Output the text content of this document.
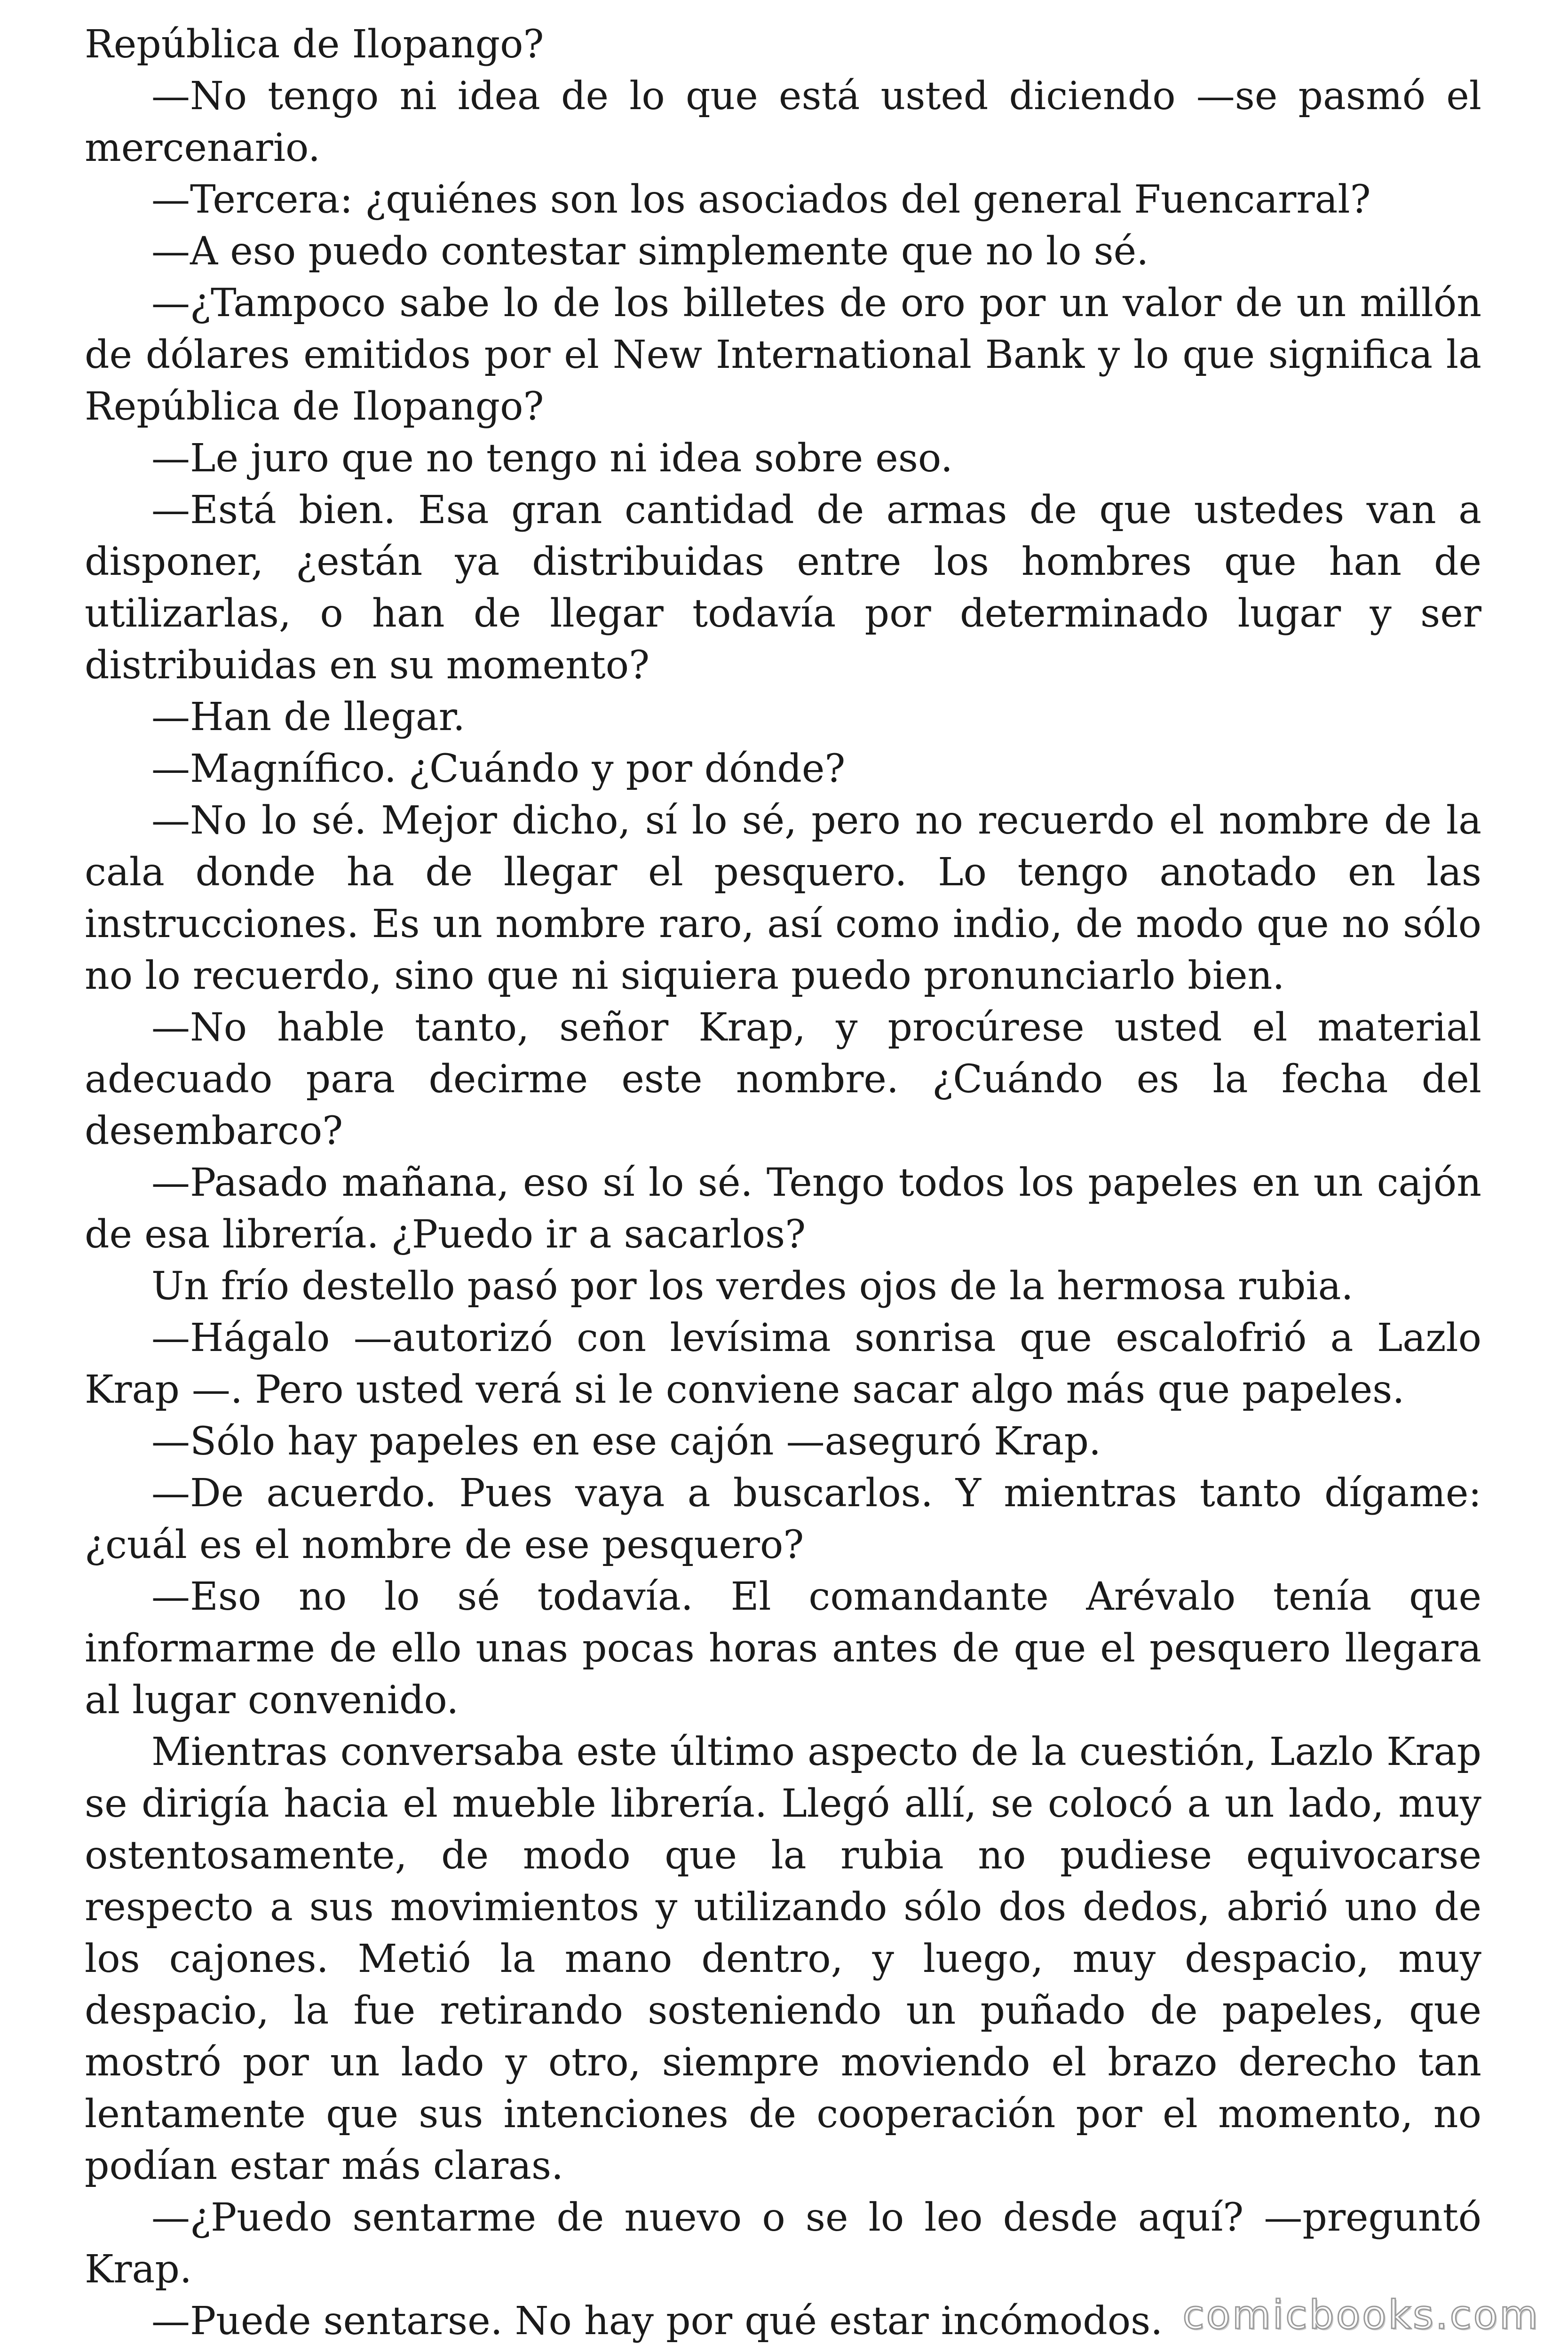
República de Ilopango?

—No tengo ni idea de lo que está usted diciendo —se pasmó el mercenario.

—Tercera: ¿quiénes son los asociados del general Fuencarral?

—A eso puedo contestar simplemente que no lo sé.

—¿Tampoco sabe lo de los billetes de oro por un valor de un millón de dólares emitidos por el New International Bank y lo que significa la República de Ilopango?

—Le juro que no tengo ni idea sobre eso.

—Está bien. Esa gran cantidad de armas de que ustedes van a disponer, ¿están ya distribuidas entre los hombres que han de utilizarlas, o han de llegar todavía por determinado lugar y ser distribuidas en su momento?

—Han de llegar.

—Magnífico. ¿Cuándo y por dónde?

—No lo sé. Mejor dicho, sí lo sé, pero no recuerdo el nombre de la cala donde ha de llegar el pesquero. Lo tengo anotado en las instrucciones. Es un nombre raro, así como indio, de modo que no sólo no lo recuerdo, sino que ni siquiera puedo pronunciarlo bien.

—No hable tanto, señor Krap, y procúrese usted el material adecuado para decirme este nombre. ¿Cuándo es la fecha del desembarco?

—Pasado mañana, eso sí lo sé. Tengo todos los papeles en un cajón de esa librería. ¿Puedo ir a sacarlos?

Un frío destello pasó por los verdes ojos de la hermosa rubia.

—Hágalo —autorizó con levísima sonrisa que escalofrió a Lazlo Krap —. Pero usted verá si le conviene sacar algo más que papeles.

—Sólo hay papeles en ese cajón —aseguró Krap.

—De acuerdo. Pues vaya a buscarlos. Y mientras tanto dígame: ¿cuál es el nombre de ese pesquero?

—Eso no lo sé todavía. El comandante Arévalo tenía que informarme de ello unas pocas horas antes de que el pesquero llegara al lugar convenido.

Mientras conversaba este último aspecto de la cuestión, Lazlo Krap se dirigía hacia el mueble librería. Llegó allí, se colocó a un lado, muy ostentosamente, de modo que la rubia no pudiese equivocarse respecto a sus movimientos y utilizando sólo dos dedos, abrió uno de los cajones. Metió la mano dentro, y luego, muy despacio, muy despacio, la fue retirando sosteniendo un puñado de papeles, que mostró por un lado y otro, siempre moviendo el brazo derecho tan lentamente que sus intenciones de cooperación por el momento, no podían estar más claras.

—¿Puedo sentarme de nuevo o se lo leo desde aquí? —preguntó Krap.

—Puede sentarse. No hay por qué estar incómodos. comicbooks.com
